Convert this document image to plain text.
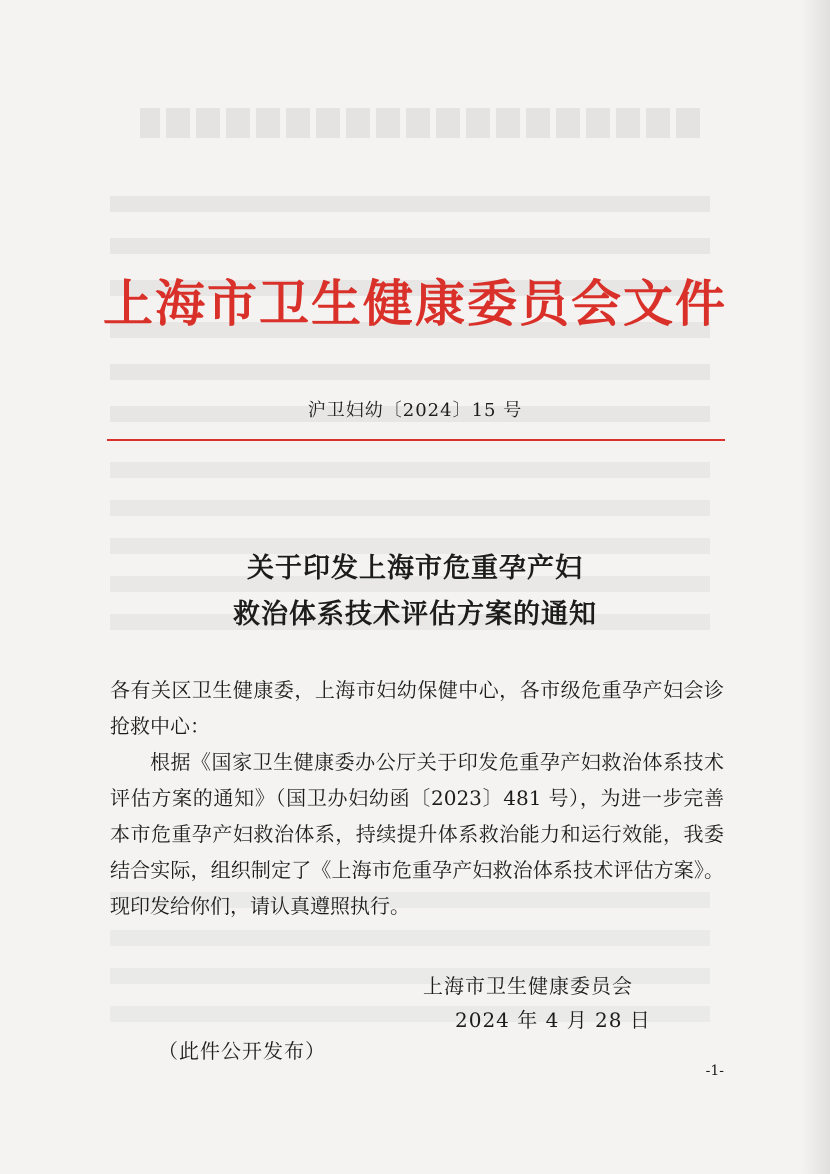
上海市卫生健康委员会文件
沪卫妇幼〔2024〕15 号
关于印发上海市危重孕产妇
救治体系技术评估方案的通知

各有关区卫生健康委，上海市妇幼保健中心，各市级危重孕产妇会诊抢救中心：

根据《国家卫生健康委办公厅关于印发危重孕产妇救治体系技术评估方案的通知》（国卫办妇幼函〔2023〕481 号），为进一步完善本市危重孕产妇救治体系，持续提升体系救治能力和运行效能，我委结合实际，组织制定了《上海市危重孕产妇救治体系技术评估方案》。现印发给你们，请认真遵照执行。

上海市卫生健康委员会
2024 年 4 月 28 日
（此件公开发布）
-1-
